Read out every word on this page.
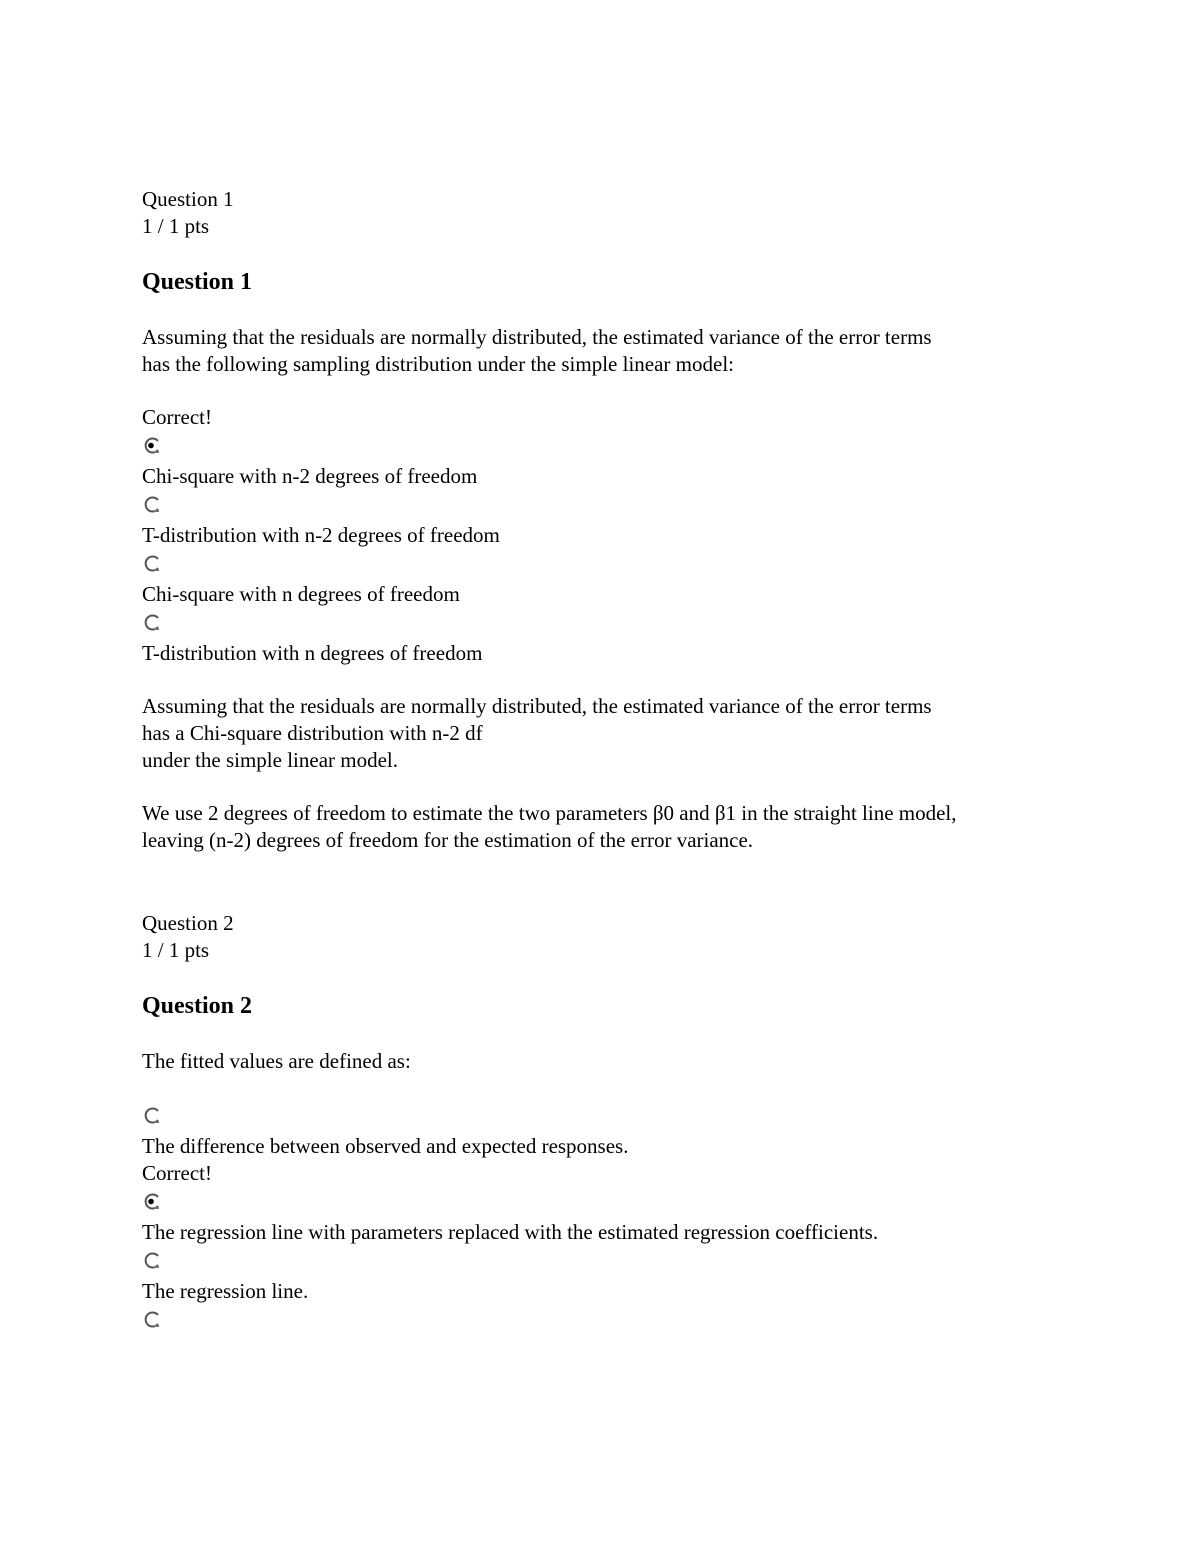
Question 1

1 / 1 pts

Question 1

Assuming that the residuals are normally distributed, the estimated variance of the error terms

has the following sampling distribution under the simple linear model:

Correct!

Chi-square with n-2 degrees of freedom

T-distribution with n-2 degrees of freedom

Chi-square with n degrees of freedom

T-distribution with n degrees of freedom

Assuming that the residuals are normally distributed, the estimated variance of the error terms

has a Chi-square distribution with n-2 df

under the simple linear model.

We use 2 degrees of freedom to estimate the two parameters β0 and β1 in the straight line model,

leaving (n-2) degrees of freedom for the estimation of the error variance.

Question 2

1 / 1 pts

Question 2

The fitted values are defined as:

The difference between observed and expected responses.

Correct!

The regression line with parameters replaced with the estimated regression coefficients.

The regression line.
